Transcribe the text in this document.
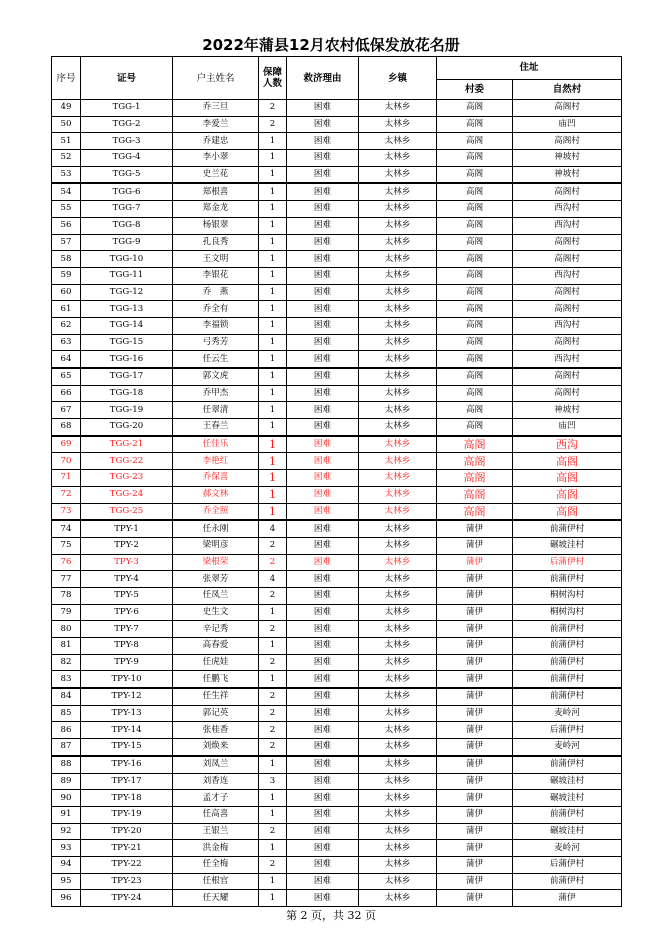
2022年蒲县12月农村低保发放花名册
序号	证号	户主姓名	保障人数	救济理由	乡镇	住址	
						村委	自然村
49	TGG-1	乔三旦	2	困难	太林乡	高阁	高阁村
50	TGG-2	李爱兰	2	困难	太林乡	高阁	庙凹
51	TGG-3	乔建忠	1	困难	太林乡	高阁	高阁村
52	TGG-4	李小翠	1	困难	太林乡	高阁	神坡村
53	TGG-5	史兰花	1	困难	太林乡	高阁	神坡村
54	TGG-6	郑根喜	1	困难	太林乡	高阁	高阁村
55	TGG-7	郑金龙	1	困难	太林乡	高阁	西沟村
56	TGG-8	杨银翠	1	困难	太林乡	高阁	西沟村
57	TGG-9	孔良秀	1	困难	太林乡	高阁	高阁村
58	TGG-10	王文明	1	困难	太林乡	高阁	高阁村
59	TGG-11	李银花	1	困难	太林乡	高阁	西沟村
60	TGG-12	乔　燕	1	困难	太林乡	高阁	高阁村
61	TGG-13	乔全有	1	困难	太林乡	高阁	高阁村
62	TGG-14	李福锁	1	困难	太林乡	高阁	西沟村
63	TGG-15	弓秀芳	1	困难	太林乡	高阁	高阁村
64	TGG-16	任云生	1	困难	太林乡	高阁	西沟村
65	TGG-17	郭文虎	1	困难	太林乡	高阁	高阁村
66	TGG-18	乔甲杰	1	困难	太林乡	高阁	高阁村
67	TGG-19	任翠清	1	困难	太林乡	高阁	神坡村
68	TGG-20	王春兰	1	困难	太林乡	高阁	庙凹
69	TGG-21	任佳乐	1	困难	太林乡	高阁	西沟
70	TGG-22	李艳红	1	困难	太林乡	高阁	高阁
71	TGG-23	乔保喜	1	困难	太林乡	高阁	高阁
72	TGG-24	郝文林	1	困难	太林乡	高阁	高阁
73	TGG-25	乔全照	1	困难	太林乡	高阁	高阁
74	TPY-1	任永刚	4	困难	太林乡	蒲伊	前蒲伊村
75	TPY-2	梁明彦	2	困难	太林乡	蒲伊	碾坡洼村
76	TPY-3	梁根荣	2	困难	太林乡	蒲伊	后蒲伊村
77	TPY-4	张翠芳	4	困难	太林乡	蒲伊	前蒲伊村
78	TPY-5	任凤兰	2	困难	太林乡	蒲伊	桐树沟村
79	TPY-6	史生文	1	困难	太林乡	蒲伊	桐树沟村
80	TPY-7	辛记秀	2	困难	太林乡	蒲伊	前蒲伊村
81	TPY-8	高春爱	1	困难	太林乡	蒲伊	前蒲伊村
82	TPY-9	任虎娃	2	困难	太林乡	蒲伊	前蒲伊村
83	TPY-10	任鹏飞	1	困难	太林乡	蒲伊	前蒲伊村
84	TPY-12	任生祥	2	困难	太林乡	蒲伊	前蒲伊村
85	TPY-13	郭记英	2	困难	太林乡	蒲伊	麦岭河
86	TPY-14	张桂香	2	困难	太林乡	蒲伊	后蒲伊村
87	TPY-15	刘焕来	2	困难	太林乡	蒲伊	麦岭河
88	TPY-16	刘凤兰	1	困难	太林乡	蒲伊	前蒲伊村
89	TPY-17	刘香连	3	困难	太林乡	蒲伊	碾坡洼村
90	TPY-18	孟才子	1	困难	太林乡	蒲伊	碾坡洼村
91	TPY-19	任高喜	1	困难	太林乡	蒲伊	前蒲伊村
92	TPY-20	王银兰	2	困难	太林乡	蒲伊	碾坡洼村
93	TPY-21	洪金梅	1	困难	太林乡	蒲伊	麦岭河
94	TPY-22	任全梅	2	困难	太林乡	蒲伊	后蒲伊村
95	TPY-23	任根官	1	困难	太林乡	蒲伊	前蒲伊村
96	TPY-24	任天耀	1	困难	太林乡	蒲伊	蒲伊
第 2 页，共 32 页
